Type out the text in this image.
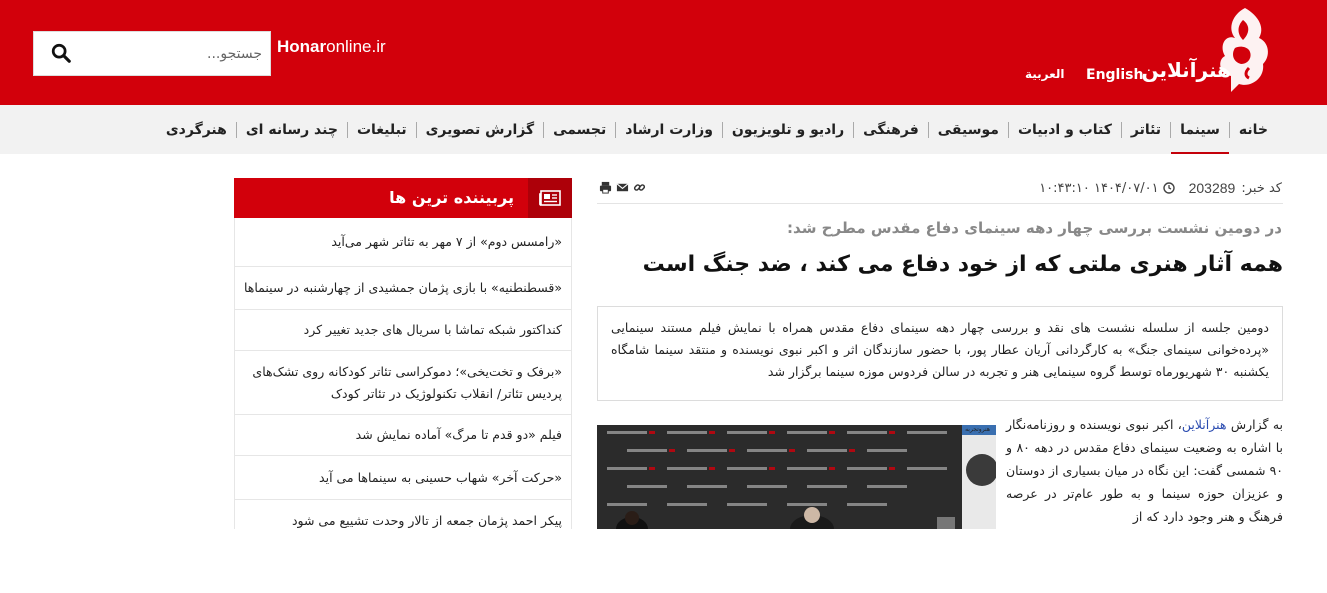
هنرآنلاین
English
العربية
Honaronline.ir
جستجو...
خانه
سینما
تئاتر
کتاب و ادبیات
موسیقی
فرهنگی
رادیو و تلویزیون
وزارت ارشاد
تجسمی
گزارش تصویری
تبلیغات
چند رسانه ای
هنرگردی
کد خبر:
203289
۱۴۰۴/۰۷/۰۱ ۱۰:۴۳:۱۰
در دومین نشست بررسی چهار دهه سینمای دفاع مقدس مطرح شد:
همه آثار هنری ملتی که از خود دفاع می کند ، ضد جنگ است
دومین جلسه از سلسله نشست های نقد و بررسی چهار دهه سینمای دفاع مقدس همراه با نمایش فیلم مستند سینمایی «پرده‌خوانی سینمای جنگ» به کارگردانی آریان عطار پور، با حضور سازندگان اثر و اکبر نبوی نویسنده و منتقد سینما شامگاه یکشنبه ۳۰ شهریورماه توسط گروه سینمایی هنر و تجربه در سالن فردوس موزه سینما برگزار شد
هنروتجربه	به گزارش هنرآنلاین، اکبر نبوی نویسنده و روزنامه‌نگار با اشاره به وضعیت سینمای دفاع مقدس در دهه ۸۰ و ۹۰ شمسی گفت: این نگاه در میان بسیاری از دوستان و عزیزان حوزه سینما و به طور عام‌تر در عرصه فرهنگ و هنر وجود دارد که از
پربیننده ترین ها
«رامسس دوم» از ۷ مهر به تئاتر شهر می‌آید
«قسطنطنیه» با بازی پژمان جمشیدی از چهارشنبه در سینماها
کنداکتور شبکه تماشا با سریال های جدید تغییر کرد
«برفک و تخت‌یخی»؛ دموکراسی تئاتر کودکانه روی تشک‌های پردیس تئاتر/ انقلاب تکنولوژیک در تئاتر کودک
فیلم «دو قدم تا مرگ» آماده نمایش شد
«حرکت آخر» شهاب حسینی به سینماها می آید
پیکر احمد پژمان جمعه از تالار وحدت تشییع می شود
